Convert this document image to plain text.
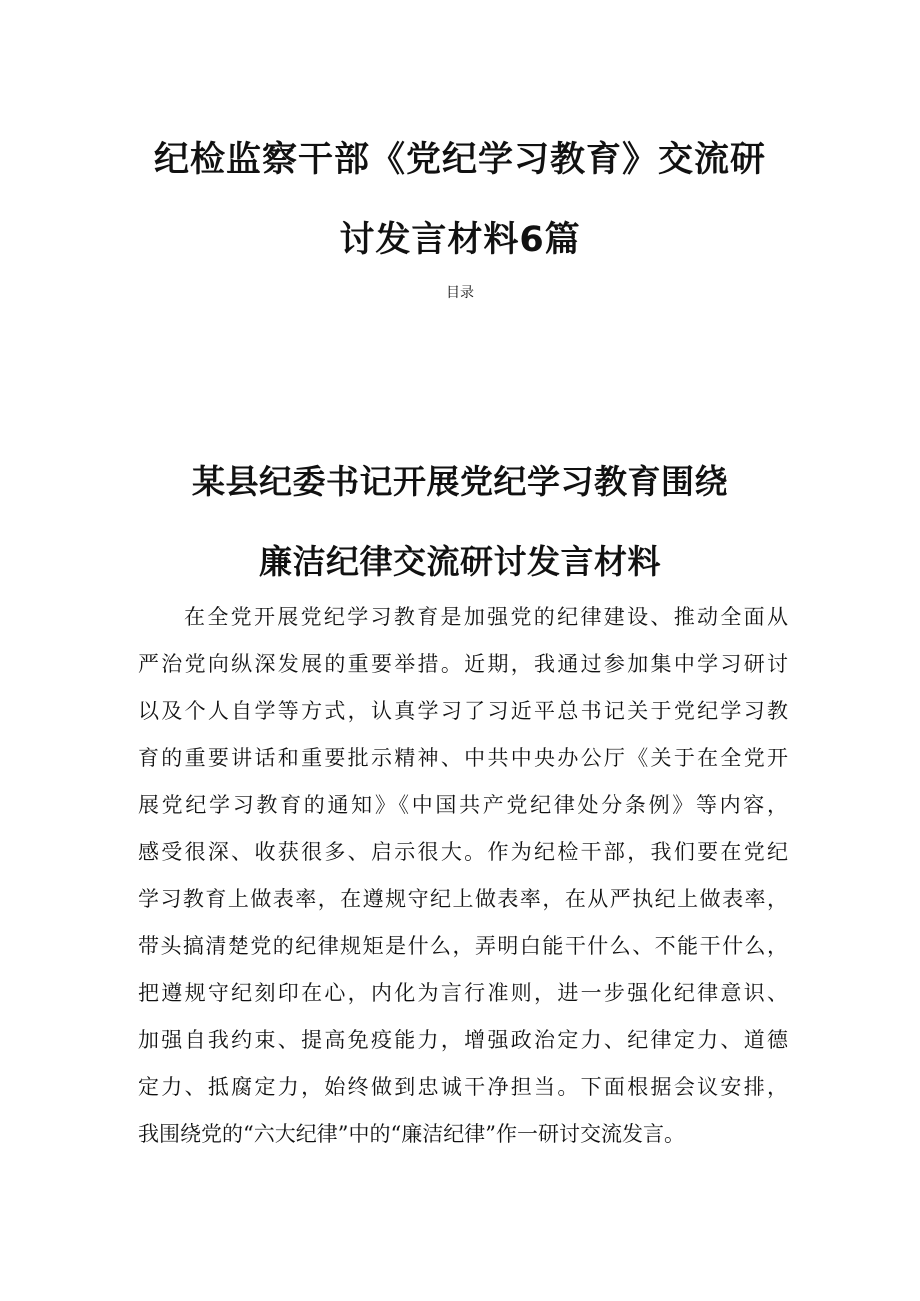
纪检监察干部《党纪学习教育》交流研
讨发言材料6篇
目录
某县纪委书记开展党纪学习教育围绕
廉洁纪律交流研讨发言材料
在全党开展党纪学习教育是加强党的纪律建设、推动全面从
严治党向纵深发展的重要举措。近期，我通过参加集中学习研讨
以及个人自学等方式，认真学习了习近平总书记关于党纪学习教
育的重要讲话和重要批示精神、中共中央办公厅《关于在全党开
展党纪学习教育的通知》《中国共产党纪律处分条例》等内容，
感受很深、收获很多、启示很大。作为纪检干部，我们要在党纪
学习教育上做表率，在遵规守纪上做表率，在从严执纪上做表率，
带头搞清楚党的纪律规矩是什么，弄明白能干什么、不能干什么，
把遵规守纪刻印在心，内化为言行准则，进一步强化纪律意识、
加强自我约束、提高免疫能力，增强政治定力、纪律定力、道德
定力、抵腐定力，始终做到忠诚干净担当。下面根据会议安排，
我围绕党的“六大纪律”中的“廉洁纪律”作一研讨交流发言。
